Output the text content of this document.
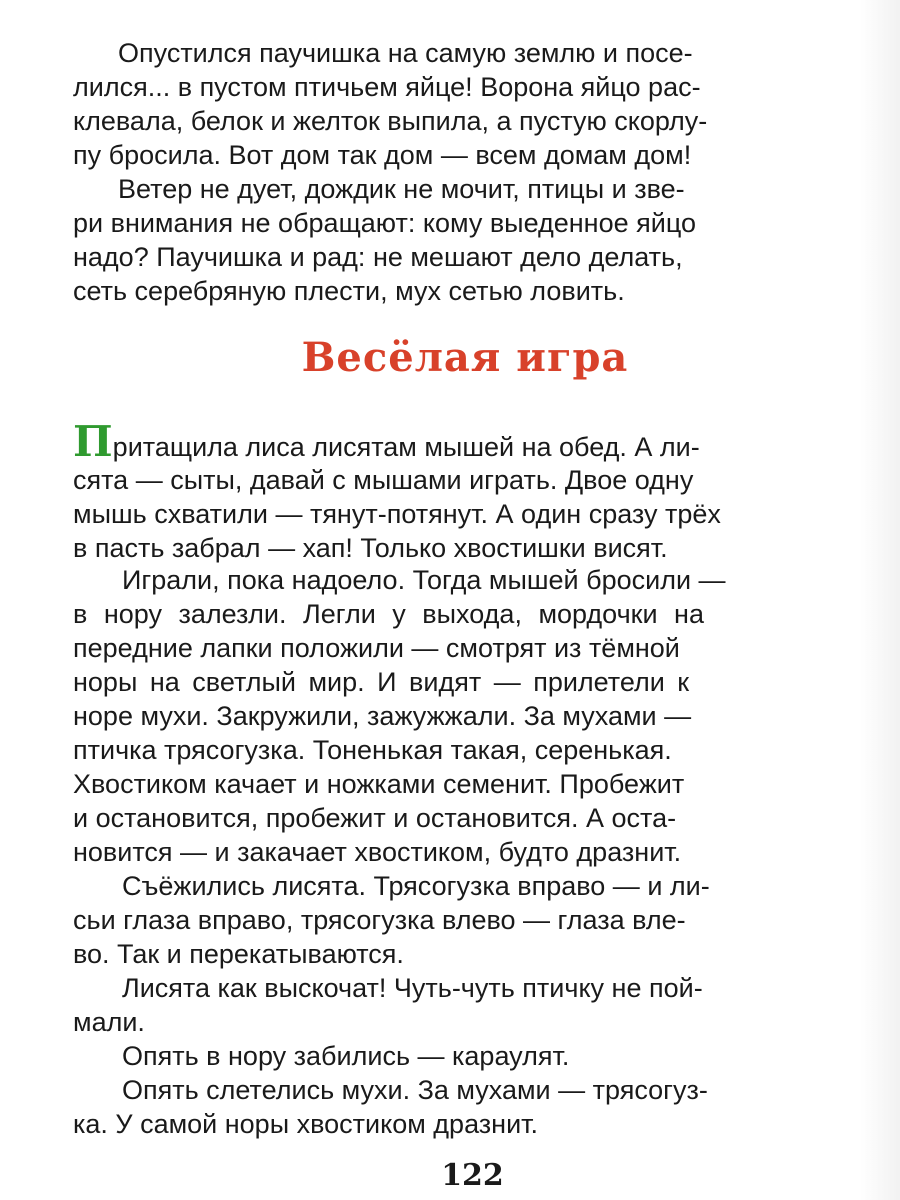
Опустился паучишка на самую землю и посе-
лился... в пустом птичьем яйце! Ворона яйцо рас-
клевала, белок и желток выпила, а пустую скорлу-
пу бросила. Вот дом так дом — всем домам дом!
Ветер не дует, дождик не мочит, птицы и зве-
ри внимания не обращают: кому выеденное яйцо
надо? Паучишка и рад: не мешают дело делать,
сеть серебряную плести, мух сетью ловить.
Весёлая игра
Притащила лиса лисятам мышей на обед. А ли-
сята — сыты, давай с мышами играть. Двое одну
мышь схватили — тянут-потянут. А один сразу трёх
в пасть забрал — хап! Только хвостишки висят.
Играли, пока надоело. Тогда мышей бросили —
в нору залезли. Легли у выхода, мордочки на
передние лапки положили — смотрят из тёмной
норы на светлый мир. И видят — прилетели к
норе мухи. Закружили, зажужжали. За мухами —
птичка трясогузка. Тоненькая такая, серенькая.
Хвостиком качает и ножками семенит. Пробежит
и остановится, пробежит и остановится. А оста-
новится — и закачает хвостиком, будто дразнит.
Съёжились лисята. Трясогузка вправо — и ли-
сьи глаза вправо, трясогузка влево — глаза вле-
во. Так и перекатываются.
Лисята как выскочат! Чуть-чуть птичку не пой-
мали.
Опять в нору забились — караулят.
Опять слетелись мухи. За мухами — трясогуз-
ка. У самой норы хвостиком дразнит.
122
